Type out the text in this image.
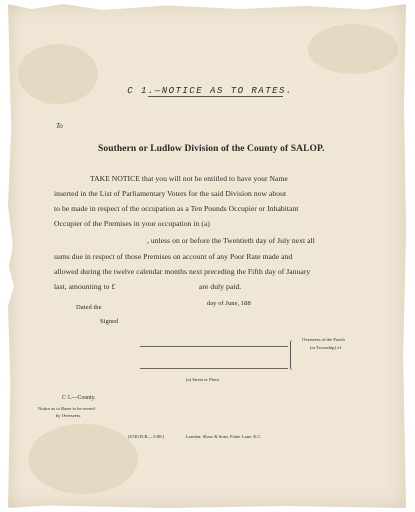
C 1.—NOTICE AS TO RATES.
To
Southern or Ludlow Division of the County of SALOP.
TAKE NOTICE that you will not be entitled to have your Name
inserted in the List of Parliamentary Voters for the said Division now about
to be made in respect of the occupation as a Ten Pounds Occupier or Inhabitant
Occupier of the Premises in your occupation in (a)
, unless on or before the Twentieth day of July next all
sums due in respect of those Premises on account of any Poor Rate made and
allowed during the twelve calendar months next preceding the Fifth day of January
last, amounting to £	are duly paid.
Dated the
day of June, 188
Signed
Overseers of the Parish
(or Township) of
(a) Street or Place.
C 1.—County.
Notice as to Rates to be served
by Overseers.
[6740 D.R.—3-88.]	London: Shaw & Sons, Fetter Lane, E.C.
